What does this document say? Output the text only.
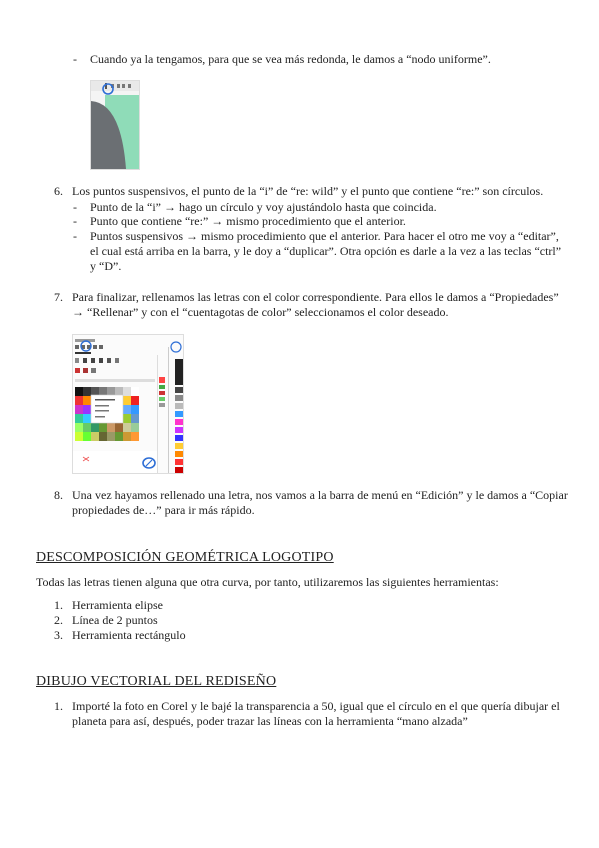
- Cuando ya la tengamos, para que se vea más redonda, le damos a “nodo uniforme”.
6. Los puntos suspensivos, el punto de la “i” de “re: wild” y el punto que contiene “re:” son círculos.
- Punto de la “i” → hago un círculo y voy ajustándolo hasta que coincida.
- Punto que contiene “re:” → mismo procedimiento que el anterior.
- Puntos suspensivos → mismo procedimiento que el anterior. Para hacer el otro me voy a “editar”,
el cual está arriba en la barra, y le doy a “duplicar”. Otra opción es darle a la vez a las teclas “ctrl”
y “D”.
7. Para finalizar, rellenamos las letras con el color correspondiente. Para ellos le damos a “Propiedades”
→ “Rellenar” y con el “cuentagotas de color” seleccionamos el color deseado.
8. Una vez hayamos rellenado una letra, nos vamos a la barra de menú en “Edición” y le damos a “Copiar
propiedades de…” para ir más rápido.
DESCOMPOSICIÓN GEOMÉTRICA LOGOTIPO
Todas las letras tienen alguna que otra curva, por tanto, utilizaremos las siguientes herramientas:
1. Herramienta elipse
2. Línea de 2 puntos
3. Herramienta rectángulo
DIBUJO VECTORIAL DEL REDISEÑO
1. Importé la foto en Corel y le bajé la transparencia a 50, igual que el círculo en el que quería dibujar el
planeta para así, después, poder trazar las líneas con la herramienta “mano alzada”
